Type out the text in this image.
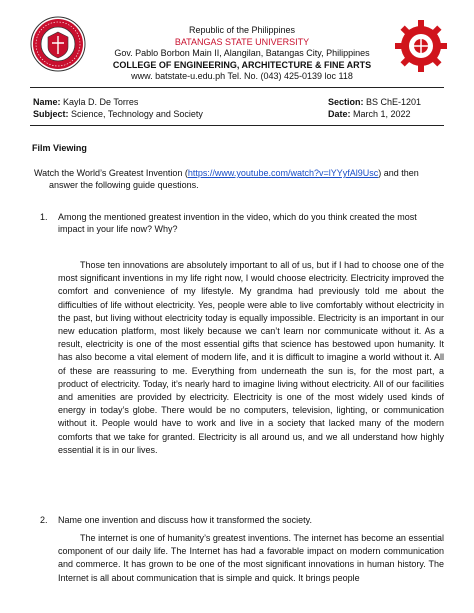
Republic of the Philippines
BATANGAS STATE UNIVERSITY
Gov. Pablo Borbon Main II, Alangilan, Batangas City, Philippines
COLLEGE OF ENGINEERING, ARCHITECTURE & FINE ARTS
www. batstate-u.edu.ph Tel. No. (043) 425-0139 loc 118
Name: Kayla D. De Torres
Subject: Science, Technology and Society
Section: BS ChE-1201
Date: March 1, 2022
Film Viewing
Watch the World’s Greatest Invention (https://www.youtube.com/watch?v=lYYyfAl9Usc) and then
answer the following guide questions.
1. Among the mentioned greatest invention in the video, which do you think created the most
impact in your life now? Why?
Those ten innovations are absolutely important to all of us, but if I had to choose one of the most significant inventions in my life right now, I would choose electricity. Electricity improved the comfort and convenience of my lifestyle. My grandma had previously told me about the difficulties of life without electricity. Yes, people were able to live comfortably without electricity in the past, but living without electricity today is equally impossible. Electricity is an important in our new education platform, most likely because we can’t learn nor communicate without it. As a result, electricity is one of the most essential gifts that science has bestowed upon humanity. It has also become a vital element of modern life, and it is difficult to imagine a world without it. All of these are reassuring to me. Everything from underneath the sun is, for the most part, a product of electricity. Today, it’s nearly hard to imagine living without electricity. All of our facilities and amenities are provided by electricity. Electricity is one of the most widely used kinds of energy in today’s globe. There would be no computers, television, lighting, or communication without it. People would have to work and live in a society that lacked many of the modern comforts that we take for granted. Electricity is all around us, and we all understand how highly essential it is in our lives.
2. Name one invention and discuss how it transformed the society.
The internet is one of humanity’s greatest inventions. The internet has become an essential component of our daily life. The Internet has had a favorable impact on modern communication and commerce. It has grown to be one of the most significant innovations in human history. The Internet is all about communication that is simple and quick. It brings people
